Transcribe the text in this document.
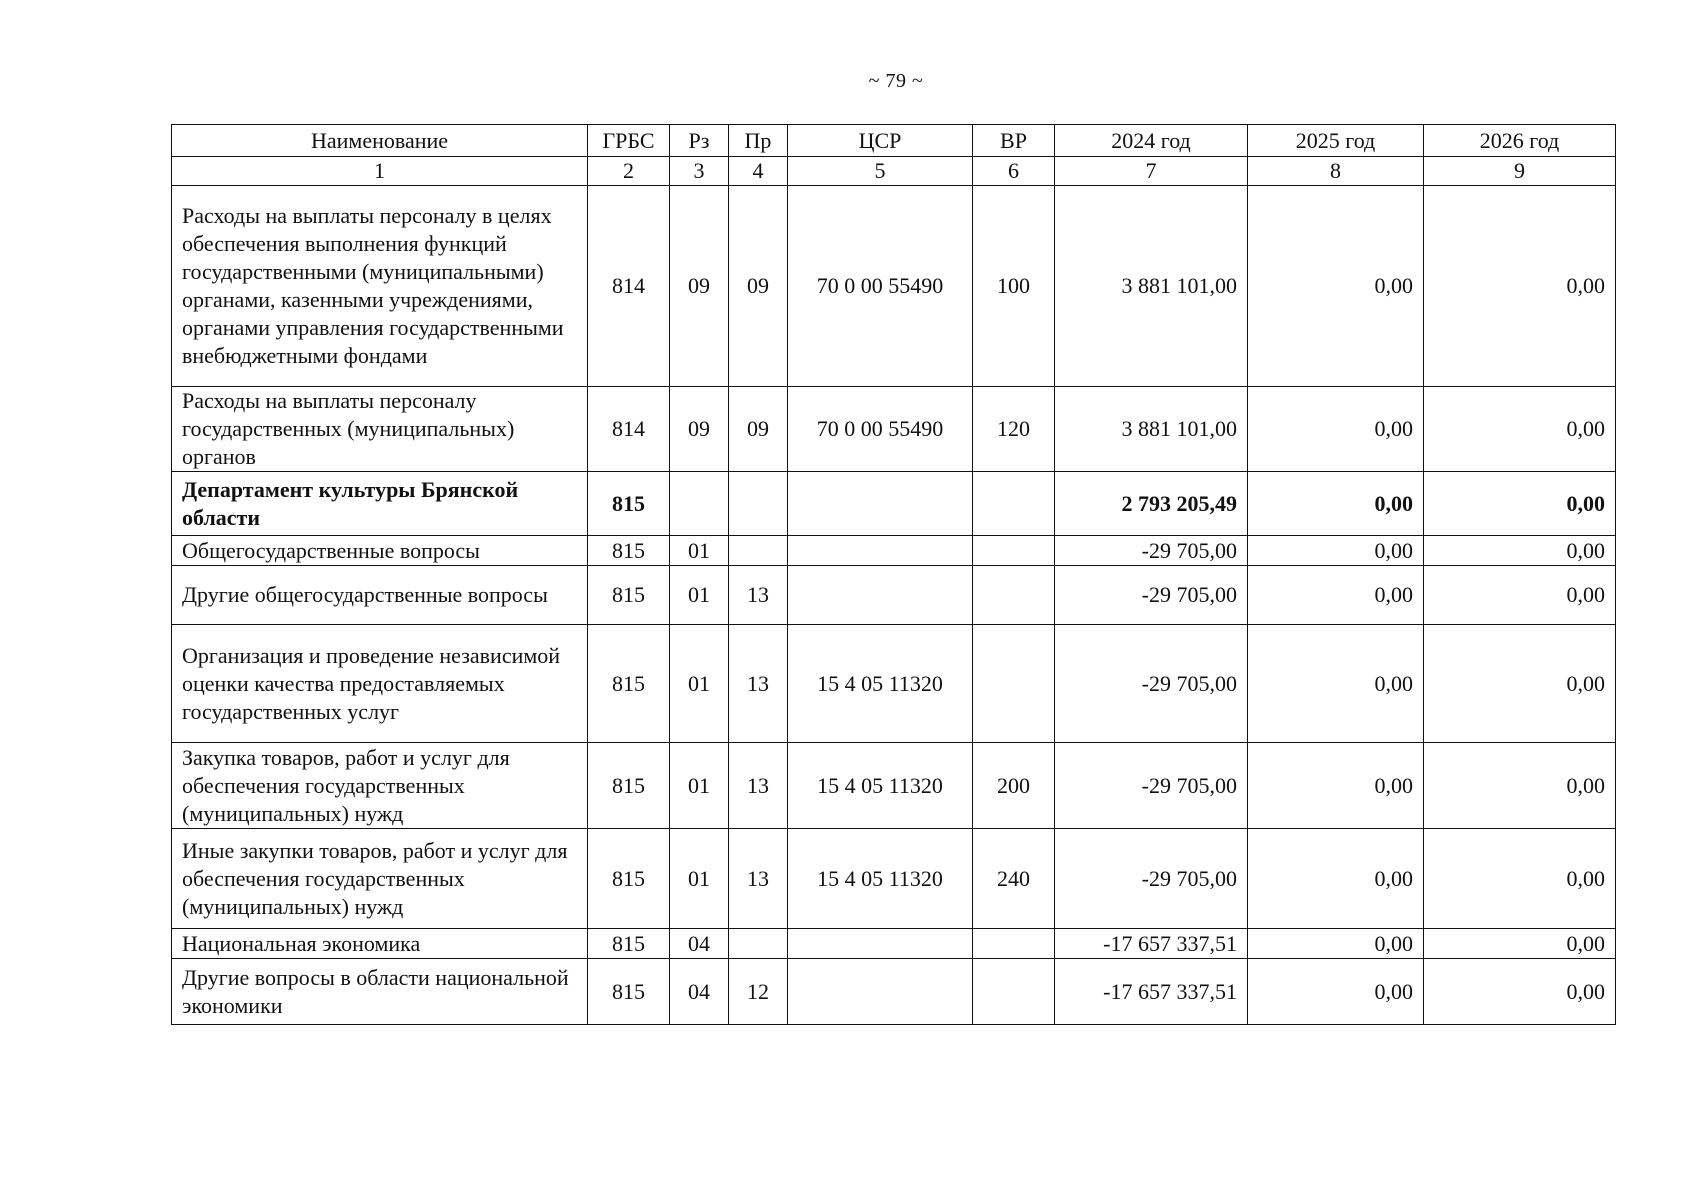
~ 79 ~
Наименование	ГРБС	Рз	Пр	ЦСР	ВР	2024 год	2025 год	2026 год
1	2	3	4	5	6	7	8	9
Расходы на выплаты персоналу в целях обеспечения выполнения функций государственными (муниципальными) органами, казенными учреждениями, органами управления государственными внебюджетными фондами	814	09	09	70 0 00 55490	100	3 881 101,00	0,00	0,00
Расходы на выплаты персоналу государственных (муниципальных) органов	814	09	09	70 0 00 55490	120	3 881 101,00	0,00	0,00
Департамент культуры Брянской области	815					2 793 205,49	0,00	0,00
Общегосударственные вопросы	815	01				-29 705,00	0,00	0,00
Другие общегосударственные вопросы	815	01	13			-29 705,00	0,00	0,00
Организация и проведение независимой оценки качества предоставляемых государственных услуг	815	01	13	15 4 05 11320		-29 705,00	0,00	0,00
Закупка товаров, работ и услуг для обеспечения государственных (муниципальных) нужд	815	01	13	15 4 05 11320	200	-29 705,00	0,00	0,00
Иные закупки товаров, работ и услуг для обеспечения государственных (муниципальных) нужд	815	01	13	15 4 05 11320	240	-29 705,00	0,00	0,00
Национальная экономика	815	04				-17 657 337,51	0,00	0,00
Другие вопросы в области национальной экономики	815	04	12			-17 657 337,51	0,00	0,00
